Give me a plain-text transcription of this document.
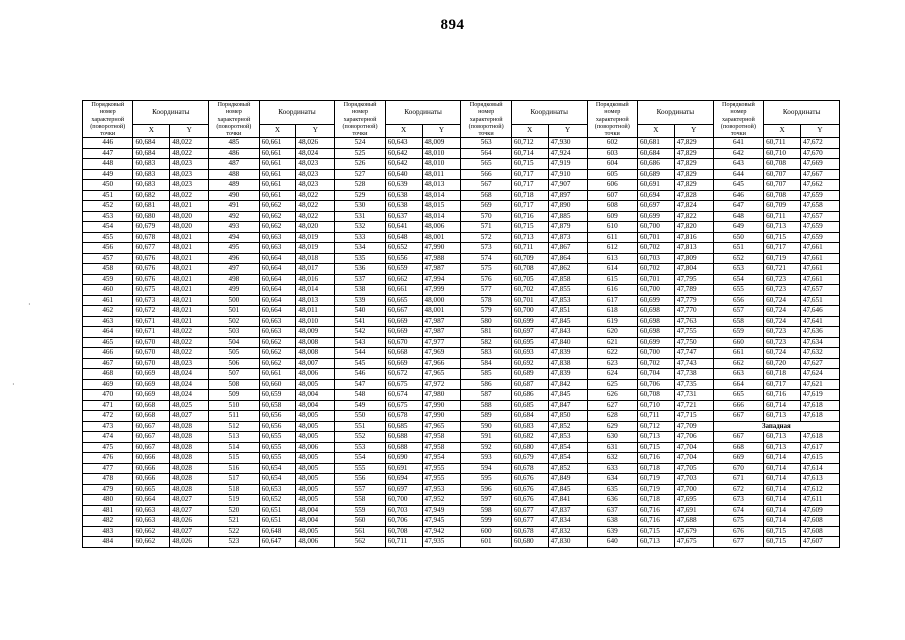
894
Порядковый номер характерной (поворотной) точки	Координаты		Порядковый номер характерной (поворотной) точки	Координаты		Порядковый номер характерной (поворотной) точки	Координаты		Порядковый номер характерной (поворотной) точки	Координаты		Порядковый номер характерной (поворотной) точки	Координаты		Порядковый номер характерной (поворотной) точки	Координаты	
	X	Y		X	Y		X	Y		X	Y		X	Y		X	Y
446	60,684	48,022	485	60,661	48,026	524	60,643	48,009	563	60,712	47,930	602	60,681	47,829	641	60,711	47,672
447	60,684	48,022	486	60,661	48,024	525	60,642	48,010	564	60,714	47,924	603	60,684	47,829	642	60,710	47,670
448	60,683	48,023	487	60,661	48,023	526	60,642	48,010	565	60,715	47,919	604	60,686	47,829	643	60,708	47,669
449	60,683	48,023	488	60,661	48,023	527	60,640	48,011	566	60,717	47,910	605	60,689	47,829	644	60,707	47,667
450	60,683	48,023	489	60,661	48,023	528	60,639	48,013	567	60,717	47,907	606	60,691	47,829	645	60,707	47,662
451	60,682	48,022	490	60,661	48,022	529	60,638	48,014	568	60,718	47,897	607	60,694	47,828	646	60,708	47,659
452	60,681	48,021	491	60,662	48,022	530	60,638	48,015	569	60,717	47,890	608	60,697	47,824	647	60,709	47,658
453	60,680	48,020	492	60,662	48,022	531	60,637	48,014	570	60,716	47,885	609	60,699	47,822	648	60,711	47,657
454	60,679	48,020	493	60,662	48,020	532	60,641	48,006	571	60,715	47,879	610	60,700	47,820	649	60,713	47,659
455	60,678	48,021	494	60,663	48,019	533	60,648	48,001	572	60,713	47,873	611	60,701	47,816	650	60,715	47,659
456	60,677	48,021	495	60,663	48,019	534	60,652	47,990	573	60,711	47,867	612	60,702	47,813	651	60,717	47,661
457	60,676	48,021	496	60,664	48,018	535	60,656	47,988	574	60,709	47,864	613	60,703	47,809	652	60,719	47,661
458	60,676	48,021	497	60,664	48,017	536	60,659	47,987	575	60,708	47,862	614	60,702	47,804	653	60,721	47,661
459	60,676	48,021	498	60,664	48,016	537	60,662	47,994	576	60,705	47,858	615	60,701	47,795	654	60,723	47,661
460	60,675	48,021	499	60,664	48,014	538	60,661	47,999	577	60,702	47,855	616	60,700	47,789	655	60,723	47,657
461	60,673	48,021	500	60,664	48,013	539	60,665	48,000	578	60,701	47,853	617	60,699	47,779	656	60,724	47,651
462	60,672	48,021	501	60,664	48,011	540	60,667	48,001	579	60,700	47,851	618	60,698	47,770	657	60,724	47,646
463	60,671	48,021	502	60,663	48,010	541	60,669	47,987	580	60,699	47,845	619	60,698	47,763	658	60,724	47,641
464	60,671	48,022	503	60,663	48,009	542	60,669	47,987	581	60,697	47,843	620	60,698	47,755	659	60,723	47,636
465	60,670	48,022	504	60,662	48,008	543	60,670	47,977	582	60,695	47,840	621	60,699	47,750	660	60,723	47,634
466	60,670	48,022	505	60,662	48,008	544	60,668	47,969	583	60,693	47,839	622	60,700	47,747	661	60,724	47,632
467	60,670	48,023	506	60,662	48,007	545	60,669	47,966	584	60,692	47,838	623	60,702	47,743	662	60,720	47,627
468	60,669	48,024	507	60,661	48,006	546	60,672	47,965	585	60,689	47,839	624	60,704	47,738	663	60,718	47,624
469	60,669	48,024	508	60,660	48,005	547	60,675	47,972	586	60,687	47,842	625	60,706	47,735	664	60,717	47,621
470	60,669	48,024	509	60,659	48,004	548	60,674	47,980	587	60,686	47,845	626	60,708	47,731	665	60,716	47,619
471	60,668	48,025	510	60,658	48,004	549	60,675	47,990	588	60,685	47,847	627	60,710	47,721	666	60,714	47,618
472	60,668	48,027	511	60,656	48,005	550	60,678	47,990	589	60,684	47,850	628	60,711	47,715	667	60,713	47,618
473	60,667	48,028	512	60,656	48,005	551	60,685	47,965	590	60,683	47,852	629	60,712	47,709	Западная		
474	60,667	48,028	513	60,655	48,005	552	60,688	47,958	591	60,682	47,853	630	60,713	47,706	667	60,713	47,618
475	60,667	48,028	514	60,655	48,006	553	60,688	47,958	592	60,680	47,854	631	60,715	47,704	668	60,713	47,617
476	60,666	48,028	515	60,655	48,005	554	60,690	47,954	593	60,679	47,854	632	60,716	47,704	669	60,714	47,615
477	60,666	48,028	516	60,654	48,005	555	60,691	47,955	594	60,678	47,852	633	60,718	47,705	670	60,714	47,614
478	60,666	48,028	517	60,654	48,005	556	60,694	47,955	595	60,676	47,849	634	60,719	47,703	671	60,714	47,613
479	60,665	48,028	518	60,653	48,005	557	60,697	47,953	596	60,676	47,845	635	60,719	47,700	672	60,714	47,612
480	60,664	48,027	519	60,652	48,005	558	60,700	47,952	597	60,676	47,841	636	60,718	47,695	673	60,714	47,611
481	60,663	48,027	520	60,651	48,004	559	60,703	47,949	598	60,677	47,837	637	60,716	47,691	674	60,714	47,609
482	60,663	48,026	521	60,651	48,004	560	60,706	47,945	599	60,677	47,834	638	60,716	47,688	675	60,714	47,608
483	60,662	48,027	522	60,648	48,005	561	60,708	47,942	600	60,678	47,832	639	60,715	47,679	676	60,715	47,608
484	60,662	48,026	523	60,647	48,006	562	60,711	47,935	601	60,680	47,830	640	60,713	47,675	677	60,715	47,607
·
·
